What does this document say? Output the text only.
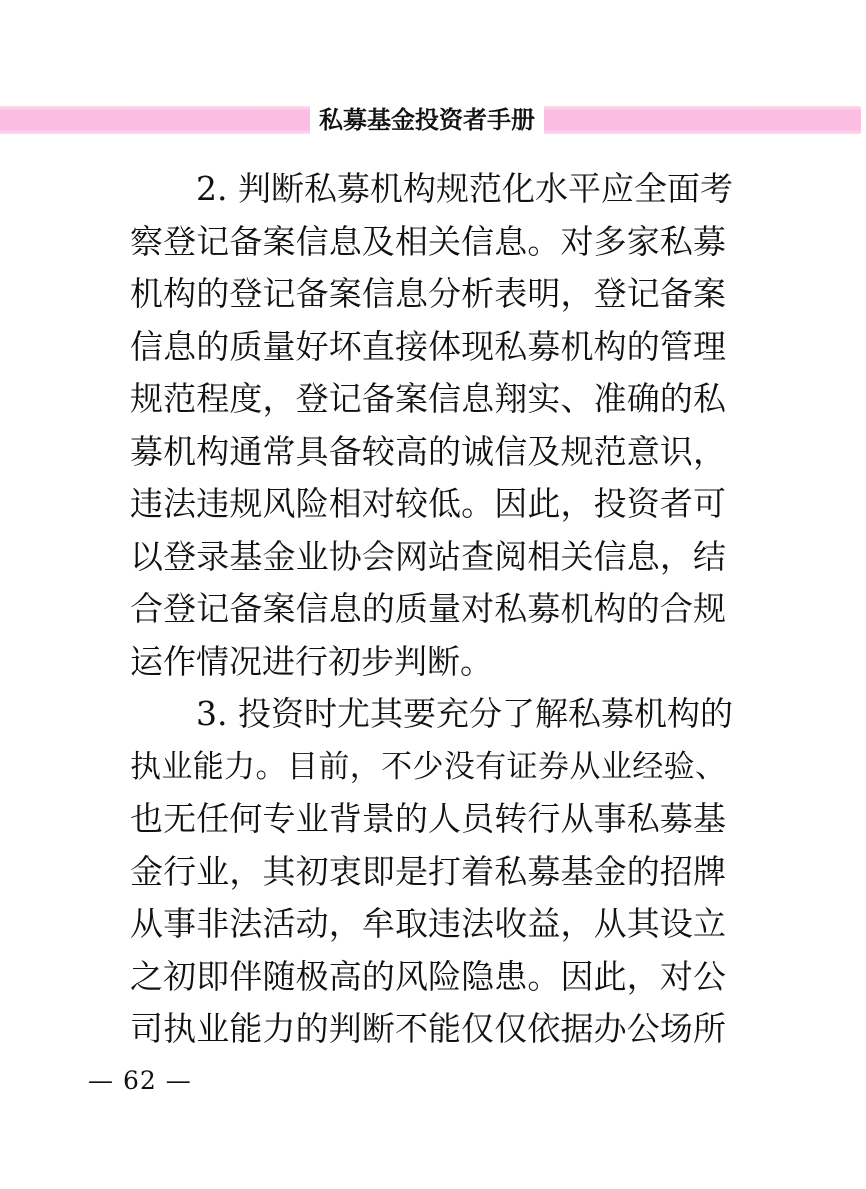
私募基金投资者手册
2. 判断私募机构规范化水平应全面考
察登记备案信息及相关信息。对多家私募
机构的登记备案信息分析表明，登记备案
信息的质量好坏直接体现私募机构的管理
规范程度，登记备案信息翔实、准确的私
募机构通常具备较高的诚信及规范意识，
违法违规风险相对较低。因此，投资者可
以登录基金业协会网站查阅相关信息，结
合登记备案信息的质量对私募机构的合规
运作情况进行初步判断。
3. 投资时尤其要充分了解私募机构的
执业能力。目前，不少没有证券从业经验、
也无任何专业背景的人员转行从事私募基
金行业，其初衷即是打着私募基金的招牌
从事非法活动，牟取违法收益，从其设立
之初即伴随极高的风险隐患。因此，对公
司执业能力的判断不能仅仅依据办公场所
— 62 —
